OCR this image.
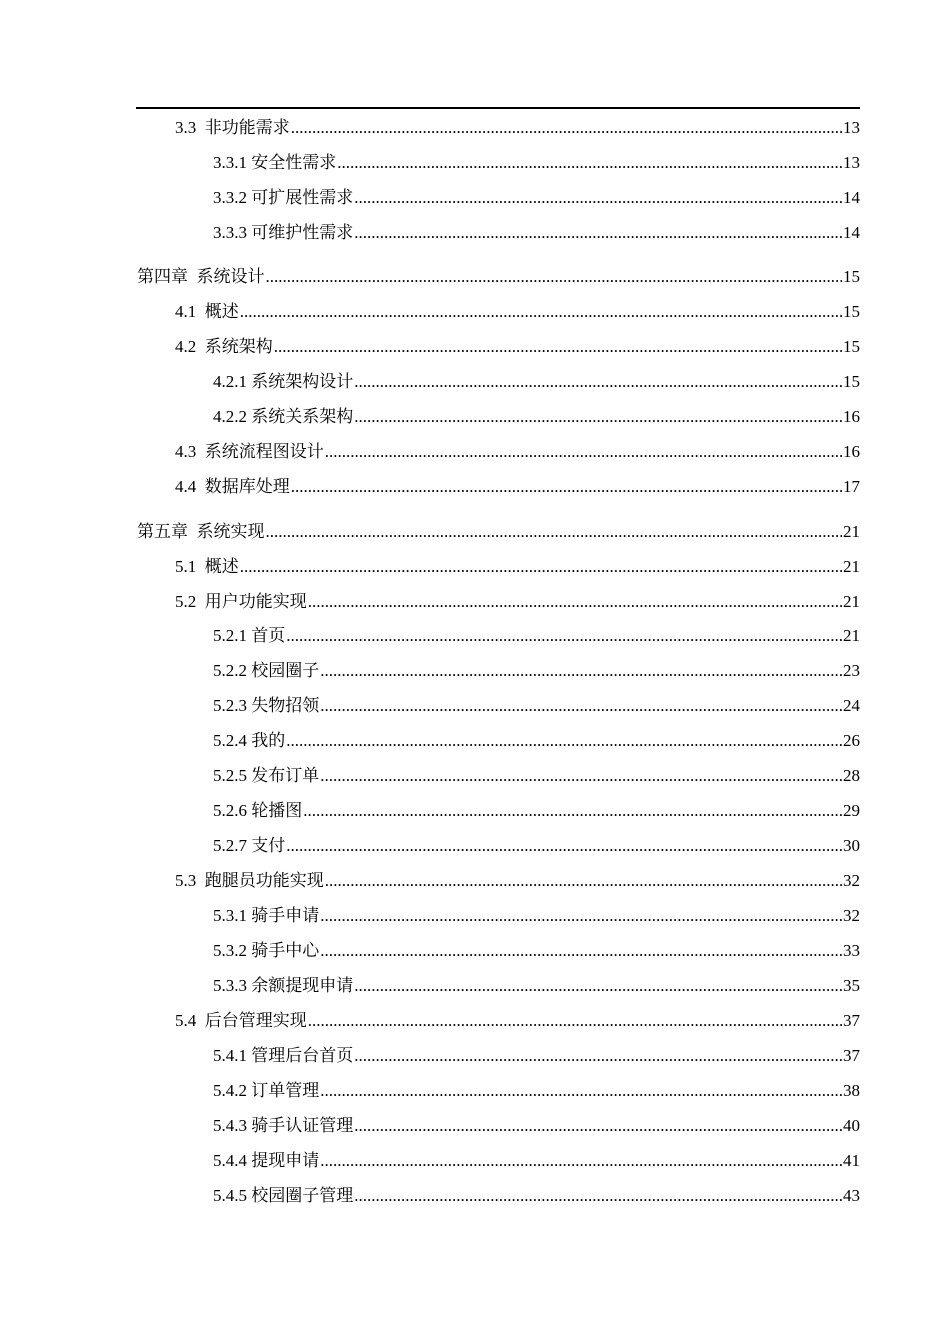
3.3 非功能需求 .....	13
3.3.1 安全性需求 .....	13
3.3.2 可扩展性需求 .....	14
3.3.3 可维护性需求 .....	14
第四章 系统设计 .....	15
4.1 概述 .....	15
4.2 系统架构 .....	15
4.2.1 系统架构设计 .....	15
4.2.2 系统关系架构 .....	16
4.3 系统流程图设计 .....	16
4.4 数据库处理 .....	17
第五章 系统实现 .....	21
5.1 概述 .....	21
5.2 用户功能实现 .....	21
5.2.1 首页 .....	21
5.2.2 校园圈子 .....	23
5.2.3 失物招领 .....	24
5.2.4 我的 .....	26
5.2.5 发布订单 .....	28
5.2.6 轮播图 .....	29
5.2.7 支付 .....	30
5.3 跑腿员功能实现 .....	32
5.3.1 骑手申请 .....	32
5.3.2 骑手中心 .....	33
5.3.3 余额提现申请 .....	35
5.4 后台管理实现 .....	37
5.4.1 管理后台首页 .....	37
5.4.2 订单管理 .....	38
5.4.3 骑手认证管理 .....	40
5.4.4 提现申请 .....	41
5.4.5 校园圈子管理 .....	43
